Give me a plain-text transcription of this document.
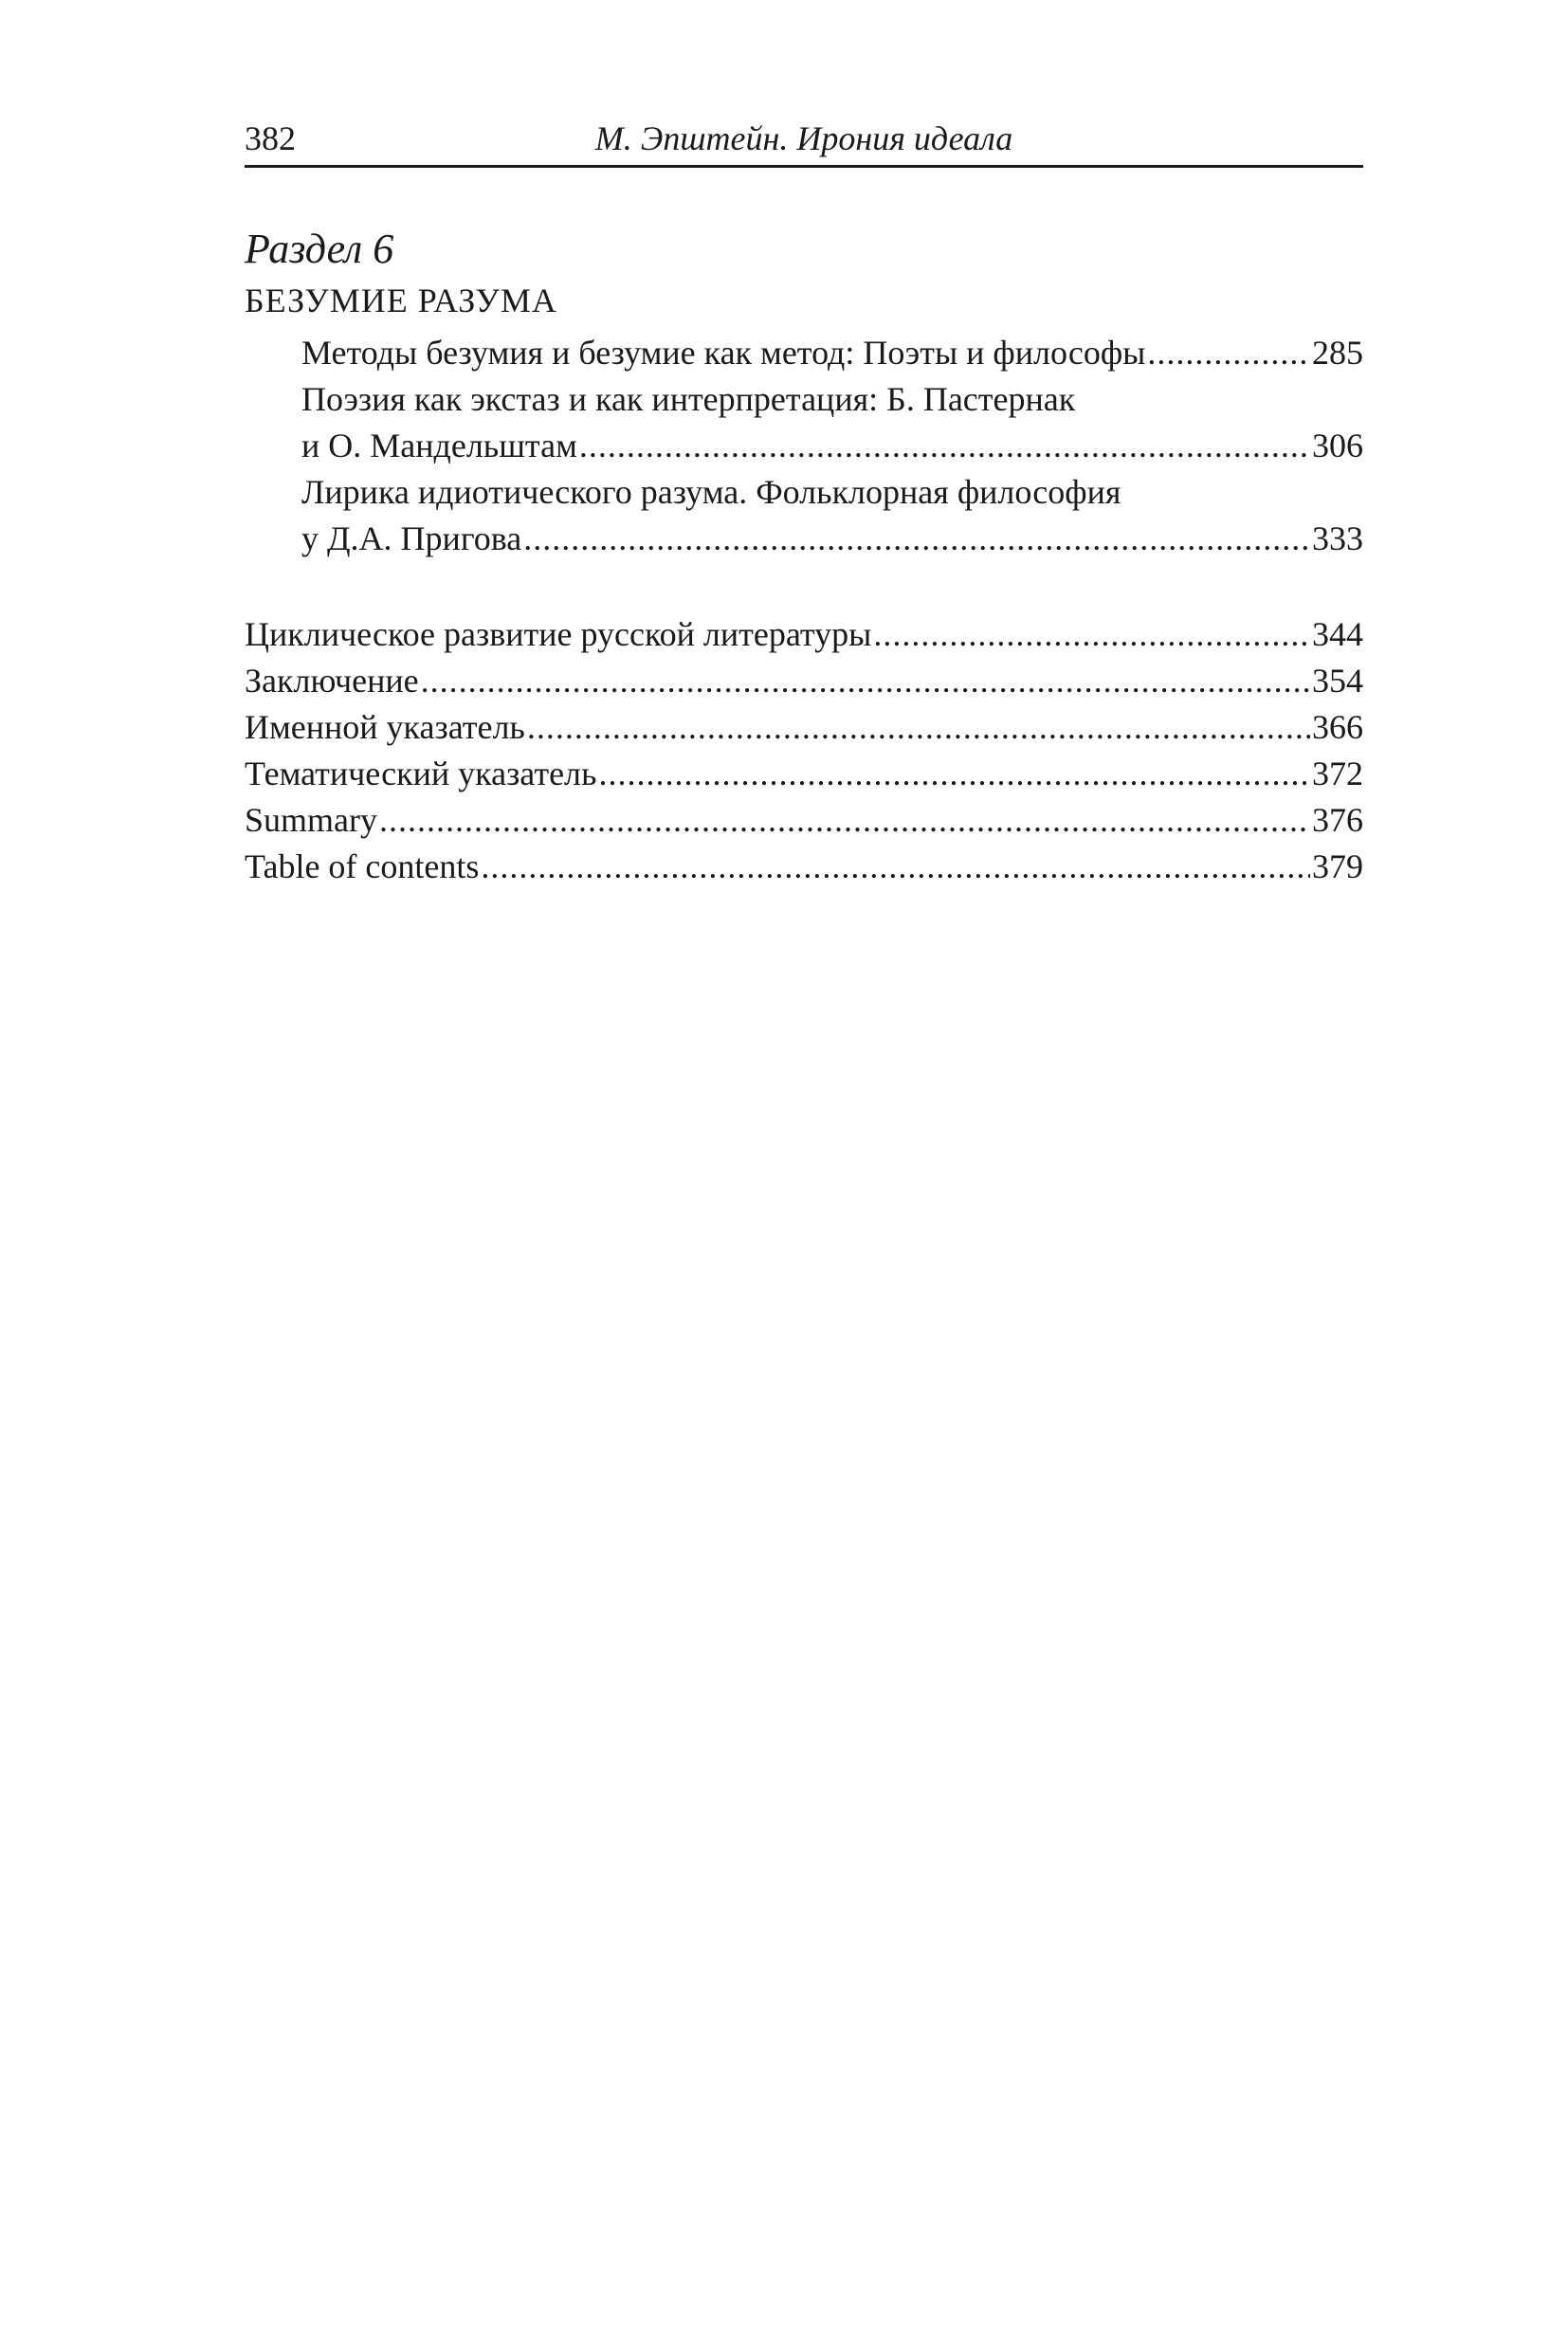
382	М. Эпштейн. Ирония идеала
Раздел 6
БЕЗУМИЕ РАЗУМА
Методы безумия и безумие как метод: Поэты и философы .....	285
Поэзия как экстаз и как интерпретация: Б. Пастернак
и О. Мандельштам .....	306
Лирика идиотического разума. Фольклорная философия
у Д.А. Пригова .....	333
Циклическое развитие русской литературы .....	344
Заключение .....	354
Именной указатель .....	366
Тематический указатель .....	372
Summary .....	376
Table of contents .....	379
